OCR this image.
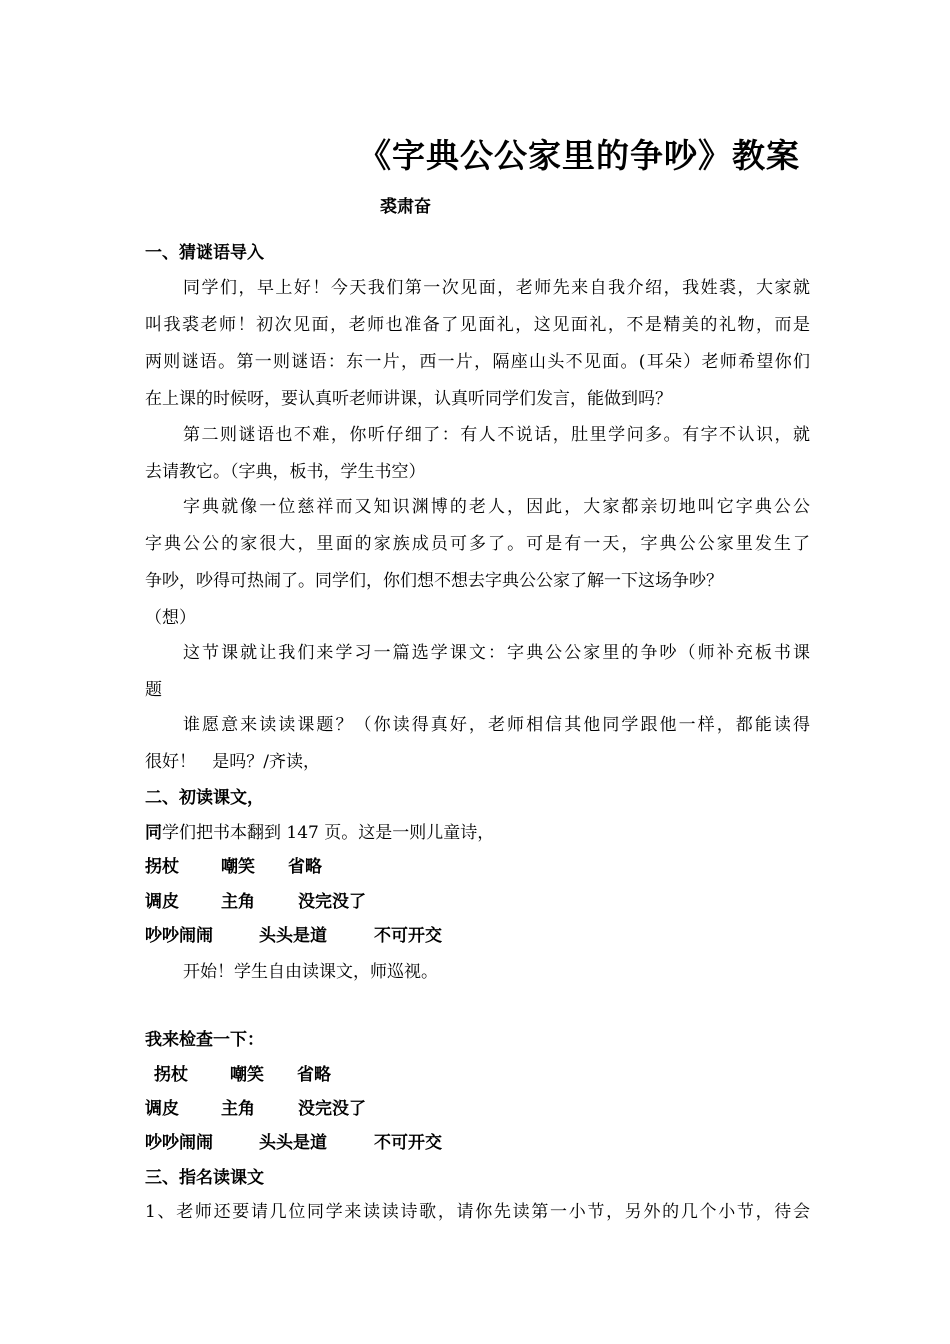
《字典公公家里的争吵》教案
裘肃奋
一、猜谜语导入
同学们，早上好！今天我们第一次见面，老师先来自我介绍，我姓裘，大家就
叫我裘老师！初次见面，老师也准备了见面礼，这见面礼，不是精美的礼物，而是
两则谜语。第一则谜语：东一片，西一片，隔座山头不见面。(耳朵）老师希望你们
在上课的时候呀，要认真听老师讲课，认真听同学们发言，能做到吗？
第二则谜语也不难，你听仔细了：有人不说话，肚里学问多。有字不认识，就
去请教它。（字典，板书，学生书空）
字典就像一位慈祥而又知识渊博的老人，因此，大家都亲切地叫它字典公公
字典公公的家很大，里面的家族成员可多了。可是有一天，字典公公家里发生了
争吵，吵得可热闹了。同学们，你们想不想去字典公公家了解一下这场争吵？
（想）
这节课就让我们来学习一篇选学课文：字典公公家里的争吵（师补充板书课
题
谁愿意来读读课题？（你读得真好，老师相信其他同学跟他一样，都能读得
很好！   是吗？/齐读，
二、初读课文，
同学们把书本翻到 147 页。这是一则儿童诗，
拐杖 嘲笑 省略
调皮 主角	没完没了
吵吵闹闹	头头是道	不可开交
开始！学生自由读课文，师巡视。
我来检查一下：
拐杖 嘲笑 省略
调皮 主角	没完没了
吵吵闹闹	头头是道	不可开交
三、指名读课文
1、老师还要请几位同学来读读诗歌，请你先读第一小节，另外的几个小节，待会
